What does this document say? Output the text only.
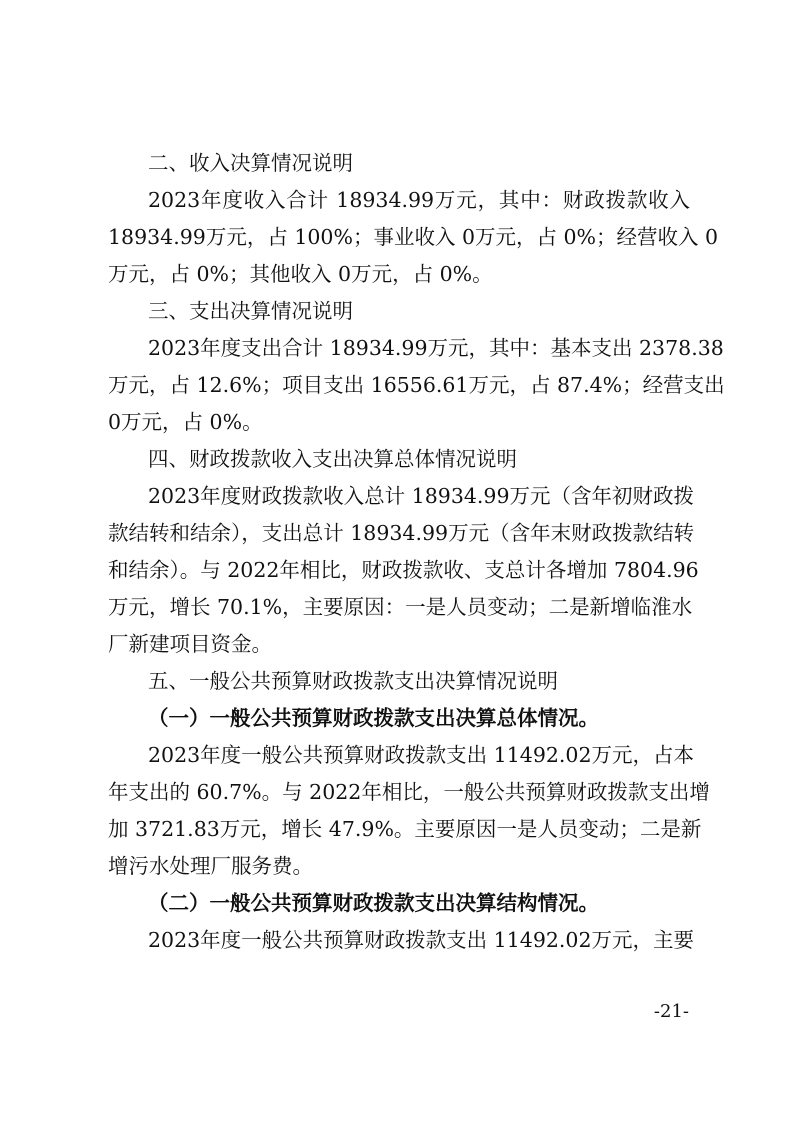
二、收入决算情况说明
2023年度收入合计 18934.99万元，其中：财政拨款收入
18934.99万元，占 100%；事业收入 0万元，占 0%；经营收入 0
万元，占 0%；其他收入 0万元，占 0%。
三、支出决算情况说明
2023年度支出合计 18934.99万元，其中：基本支出 2378.38
万元，占 12.6%；项目支出 16556.61万元，占 87.4%；经营支出
0万元，占 0%。
四、财政拨款收入支出决算总体情况说明
2023年度财政拨款收入总计 18934.99万元（含年初财政拨
款结转和结余），支出总计 18934.99万元（含年末财政拨款结转
和结余）。与 2022年相比，财政拨款收、支总计各增加 7804.96
万元，增长 70.1%，主要原因：一是人员变动；二是新增临淮水
厂新建项目资金。
五、一般公共预算财政拨款支出决算情况说明
（一）一般公共预算财政拨款支出决算总体情况。
2023年度一般公共预算财政拨款支出 11492.02万元，占本
年支出的 60.7%。与 2022年相比，一般公共预算财政拨款支出增
加 3721.83万元，增长 47.9%。主要原因一是人员变动；二是新
增污水处理厂服务费。
（二）一般公共预算财政拨款支出决算结构情况。
2023年度一般公共预算财政拨款支出 11492.02万元，主要
-21-
